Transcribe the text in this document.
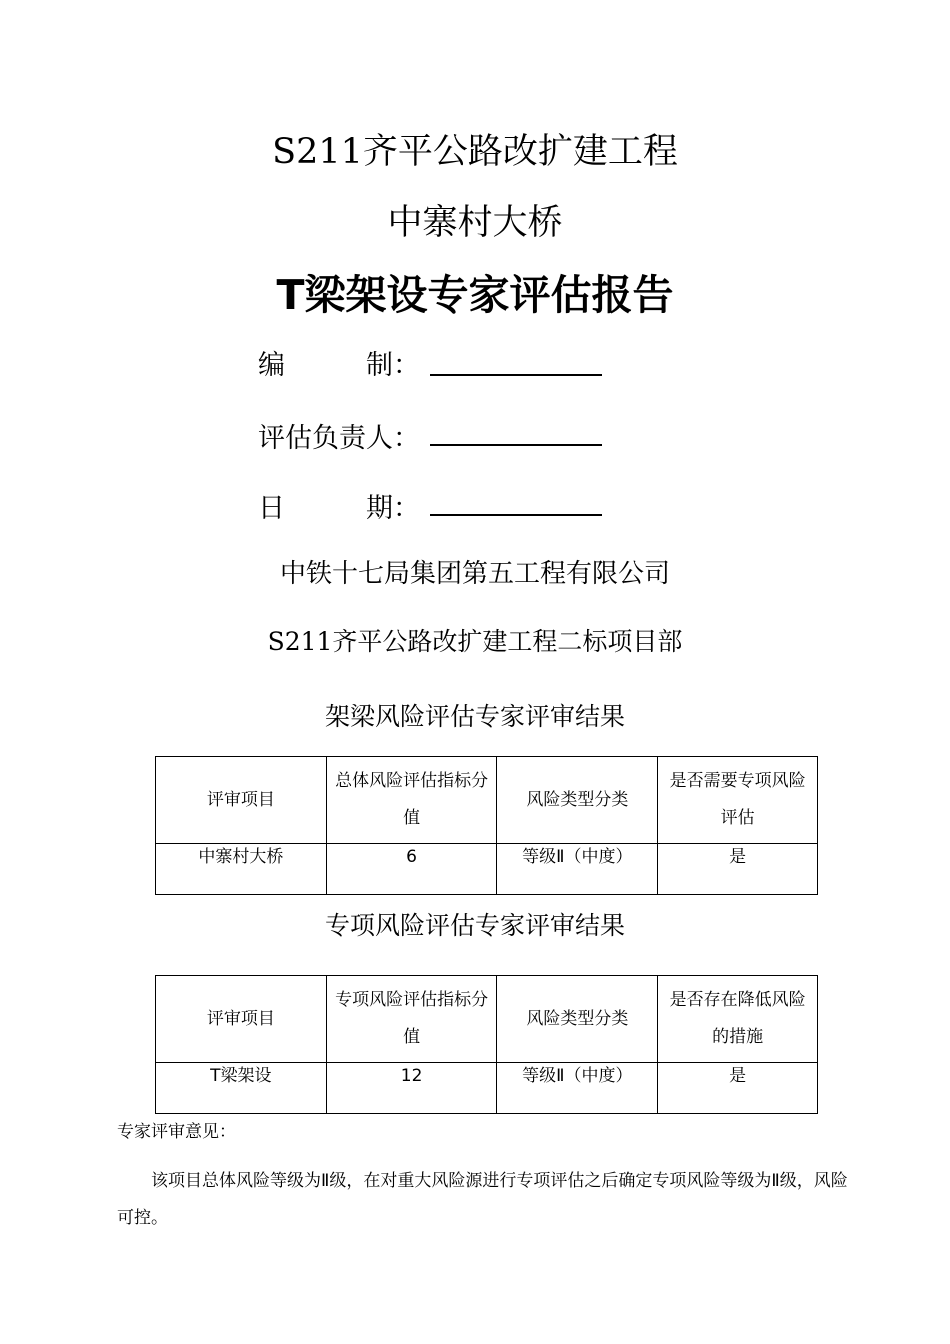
S211齐平公路改扩建工程
中寨村大桥
T梁架设专家评估报告
编　　　制：
评估负责人：
日　　　期：
中铁十七局集团第五工程有限公司
S211齐平公路改扩建工程二标项目部
架梁风险评估专家评审结果
评审项目	总体风险评估指标分值	风险类型分类	是否需要专项风险评估
中寨村大桥	6	等级Ⅱ（中度）	是
专项风险评估专家评审结果
评审项目	专项风险评估指标分值	风险类型分类	是否存在降低风险的措施
T梁架设	12	等级Ⅱ（中度）	是
专家评审意见：
该项目总体风险等级为Ⅱ级，在对重大风险源进行专项评估之后确定专项风险等级为Ⅱ级，风险可控。
